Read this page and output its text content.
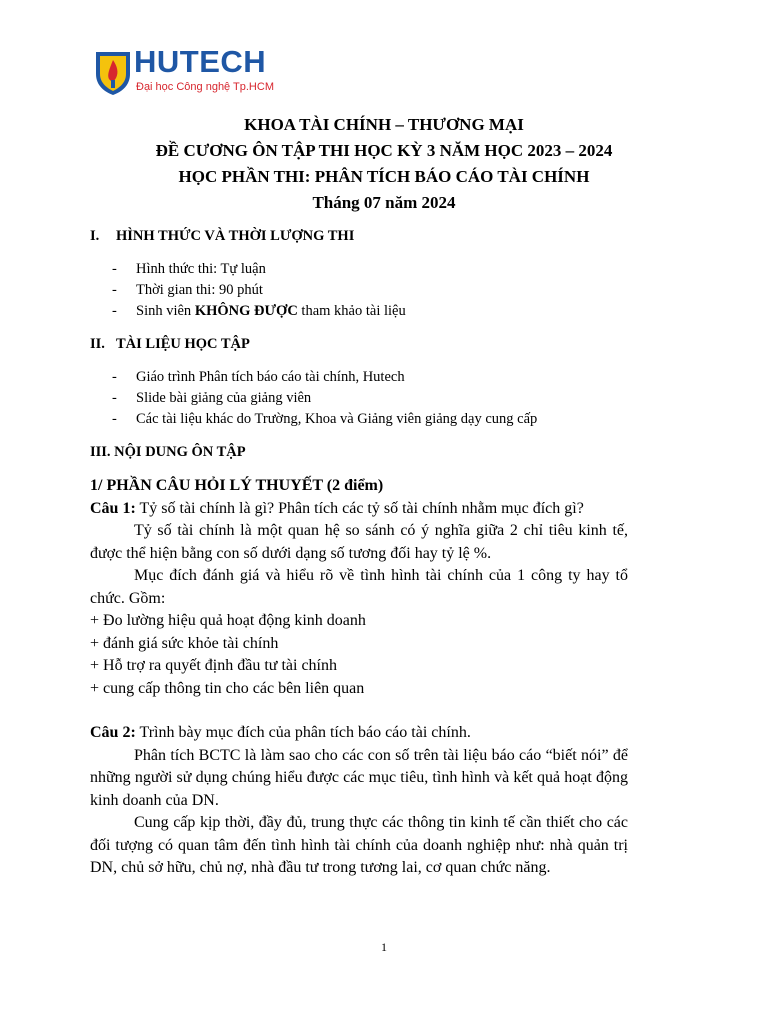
HUTECH
Đại học Công nghệ Tp.HCM
KHOA TÀI CHÍNH – THƯƠNG MẠI
ĐỀ CƯƠNG ÔN TẬP THI HỌC KỲ 3 NĂM HỌC 2023 – 2024
HỌC PHẦN THI: PHÂN TÍCH BÁO CÁO TÀI CHÍNH
Tháng 07 năm 2024
I.	HÌNH THỨC VÀ THỜI LƯỢNG THI
-	Hình thức thi: Tự luận
-	Thời gian thi: 90 phút
-	Sinh viên KHÔNG ĐƯỢC tham khảo tài liệu
II. TÀI LIỆU HỌC TẬP
-	Giáo trình Phân tích báo cáo tài chính, Hutech
-	Slide bài giảng của giảng viên
-	Các tài liệu khác do Trường, Khoa và Giảng viên giảng dạy cung cấp
III. NỘI DUNG ÔN TẬP

1/ PHẦN CÂU HỎI LÝ THUYẾT (2 điểm)

Câu 1: Tỷ số tài chính là gì? Phân tích các tỷ số tài chính nhằm mục đích gì?

Tỷ số tài chính là một quan hệ so sánh có ý nghĩa giữa 2 chỉ tiêu kinh tế, được thể hiện bằng con số dưới dạng số tương đối hay tỷ lệ %.

Mục đích đánh giá và hiểu rõ về tình hình tài chính của 1 công ty hay tổ chức. Gồm:

+ Đo lường hiệu quả hoạt động kinh doanh

+ đánh giá sức khỏe tài chính

+ Hỗ trợ ra quyết định đầu tư tài chính

+ cung cấp thông tin cho các bên liên quan

Câu 2: Trình bày mục đích của phân tích báo cáo tài chính.

Phân tích BCTC là làm sao cho các con số trên tài liệu báo cáo “biết nói” để những người sử dụng chúng hiểu được các mục tiêu, tình hình và kết quả hoạt động kinh doanh của DN.

Cung cấp kịp thời, đầy đủ, trung thực các thông tin kinh tế cần thiết cho các đối tượng có quan tâm đến tình hình tài chính của doanh nghiệp như: nhà quản trị DN, chủ sở hữu, chủ nợ, nhà đầu tư trong tương lai, cơ quan chức năng.

1
